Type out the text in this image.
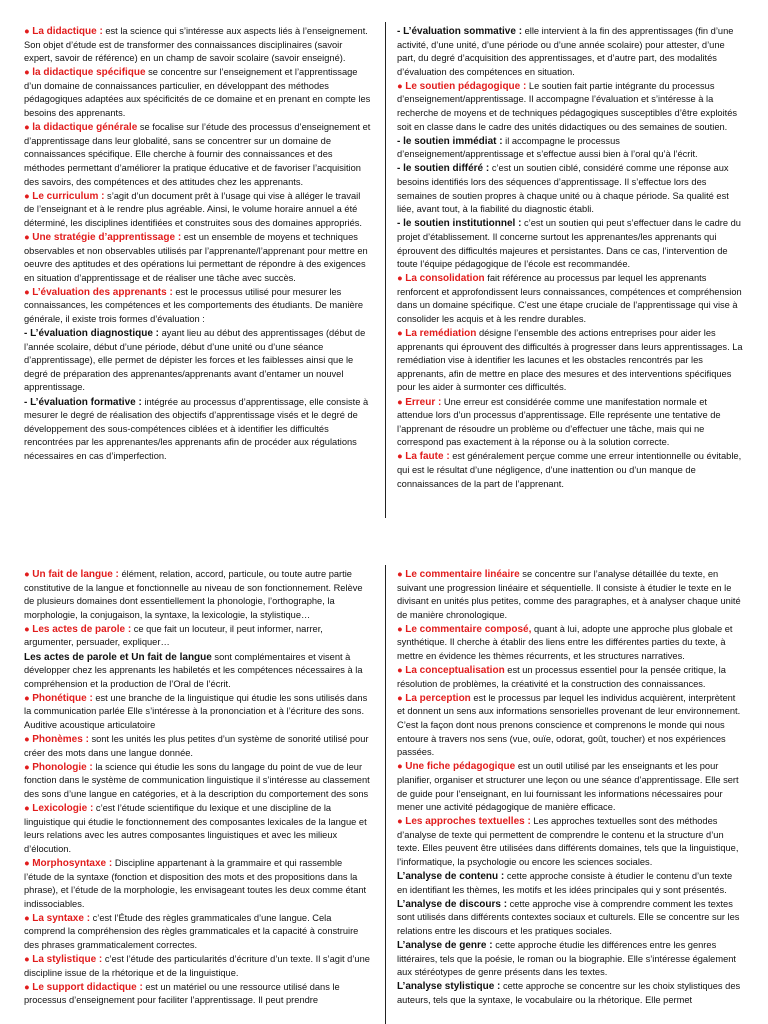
● La didactique : est la science qui s’intéresse aux aspects liés à l’enseignement. Son objet d’étude est de transformer des connaissances disciplinaires (savoir expert, savoir de référence) en un champ de savoir scolaire (savoir enseigné).

● la didactique spécifique se concentre sur l’enseignement et l’apprentissage d’un domaine de connaissances particulier, en développant des méthodes pédagogiques adaptées aux spécificités de ce domaine et en prenant en compte les besoins des apprenants.

● la didactique générale se focalise sur l’étude des processus d’enseignement et d’apprentissage dans leur globalité, sans se concentrer sur un domaine de connaissances spécifique. Elle cherche à fournir des connaissances et des méthodes permettant d’améliorer la pratique éducative et de favoriser l’acquisition des savoirs, des compétences et des attitudes chez les apprenants.

● Le curriculum : s’agit d’un document prêt à l’usage qui vise à alléger le travail de l’enseignant et à le rendre plus agréable. Ainsi, le volume horaire annuel a été déterminé, les disciplines identifiées et construites sous des domaines appropriés.

● Une stratégie d’apprentissage : est un ensemble de moyens et techniques observables et non observables utilisés par l’apprenante/l’apprenant pour mettre en oeuvre des aptitudes et des opérations lui permettant de répondre à des exigences en situation d’apprentissage et de réaliser une tâche avec succès.

● L’évaluation des apprenants : est le processus utilisé pour mesurer les connaissances, les compétences et les comportements des étudiants. De manière générale, il existe trois formes d’évaluation :

- L’évaluation diagnostique : ayant lieu au début des apprentissages (début de l’année scolaire, début d’une période, début d’une unité ou d’une séance d’apprentissage), elle permet de dépister les forces et les faiblesses ainsi que le degré de préparation des apprenantes/apprenants avant d’entamer un nouvel apprentissage.

- L’évaluation formative : intégrée au processus d’apprentissage, elle consiste à mesurer le degré de réalisation des objectifs d’apprentissage visés et le degré de développement des sous-compétences ciblées et à identifier les difficultés rencontrées par les apprenantes/les apprenants afin de procéder aux régulations nécessaires en cas d’imperfection.

- L’évaluation sommative : elle intervient à la fin des apprentissages (fin d’une activité, d’une unité, d’une période ou d’une année scolaire) pour attester, d’une part, du degré d’acquisition des apprentissages, et d’autre part, des modalités d’évaluation des compétences en situation.

● Le soutien pédagogique : Le soutien fait partie intégrante du processus d’enseignement/apprentissage. Il accompagne l’évaluation et s’intéresse à la recherche de moyens et de techniques pédagogiques susceptibles d’être exploités soit en classe dans le cadre des unités didactiques ou des semaines de soutien.

- le soutien immédiat : il accompagne le processus d’enseignement/apprentissage et s’effectue aussi bien à l’oral qu’à l’écrit.

- le soutien différé : c’est un soutien ciblé, considéré comme une réponse aux besoins identifiés lors des séquences d’apprentissage. Il s’effectue lors des semaines de soutien propres à chaque unité ou à chaque période. Sa qualité est liée, avant tout, à la fiabilité du diagnostic établi.

- le soutien institutionnel : c’est un soutien qui peut s’effectuer dans le cadre du projet d’établissement. Il concerne surtout les apprenantes/les apprenants qui éprouvent des difficultés majeures et persistantes. Dans ce cas, l’intervention de toute l’équipe pédagogique de l’école est recommandée.

● La consolidation fait référence au processus par lequel les apprenants renforcent et approfondissent leurs connaissances, compétences et compréhension dans un domaine spécifique. C’est une étape cruciale de l’apprentissage qui vise à consolider les acquis et à les rendre durables.

● La remédiation désigne l’ensemble des actions entreprises pour aider les apprenants qui éprouvent des difficultés à progresser dans leurs apprentissages. La remédiation vise à identifier les lacunes et les obstacles rencontrés par les apprenants, afin de mettre en place des mesures et des interventions spécifiques pour les aider à surmonter ces difficultés.

● Erreur : Une erreur est considérée comme une manifestation normale et attendue lors d’un processus d’apprentissage. Elle représente une tentative de l’apprenant de résoudre un problème ou d’effectuer une tâche, mais qui ne correspond pas exactement à la réponse ou à la solution correcte.

● La faute : est généralement perçue comme une erreur intentionnelle ou évitable, qui est le résultat d’une négligence, d’une inattention ou d’un manque de connaissances de la part de l’apprenant.

● Un fait de langue : élément, relation, accord, particule, ou toute autre partie constitutive de la langue et fonctionnelle au niveau de son fonctionnement. Relève de plusieurs domaines dont essentiellement la phonologie, l’orthographe, la morphologie, la conjugaison, la syntaxe, la lexicologie, la stylistique…

● Les actes de parole : ce que fait un locuteur, il peut informer, narrer, argumenter, persuader, expliquer…

Les actes de parole et Un fait de langue sont complémentaires et visent à développer chez les apprenants les habiletés et les compétences nécessaires à la compréhension et la production de l’Oral de l’écrit.

● Phonétique : est une branche de la linguistique qui étudie les sons utilisés dans la communication parlée Elle s’intéresse à la prononciation et à l’écriture des sons. Auditive acoustique articulatoire

● Phonèmes : sont les unités les plus petites d’un système de sonorité utilisé pour créer des mots dans une langue donnée.

● Phonologie : la science qui étudie les sons du langage du point de vue de leur fonction dans le système de communication linguistique il s’intéresse au classement des sons d’une langue en catégories, et à la description du comportement des sons

● Lexicologie : c’est l’étude scientifique du lexique et une discipline de la linguistique qui étudie le fonctionnement des composantes lexicales de la langue et leurs relations avec les autres composantes linguistiques et avec les milieux d’élocution.

● Morphosyntaxe : Discipline appartenant à la grammaire et qui rassemble l’étude de la syntaxe (fonction et disposition des mots et des propositions dans la phrase), et l’étude de la morphologie, les envisageant toutes les deux comme étant indissociables.

● La syntaxe : c’est l’Étude des règles grammaticales d’une langue. Cela comprend la compréhension des règles grammaticales et la capacité à construire des phrases grammaticalement correctes.

● La stylistique : c’est l’étude des particularités d’écriture d’un texte. Il s’agit d’une discipline issue de la rhétorique et de la linguistique.

● Le support didactique : est un matériel ou une ressource utilisé dans le processus d’enseignement pour faciliter l’apprentissage. Il peut prendre

● Le commentaire linéaire se concentre sur l’analyse détaillée du texte, en suivant une progression linéaire et séquentielle. Il consiste à étudier le texte en le divisant en unités plus petites, comme des paragraphes, et à analyser chaque unité de manière chronologique.

● Le commentaire composé, quant à lui, adopte une approche plus globale et synthétique. Il cherche à établir des liens entre les différentes parties du texte, à mettre en évidence les thèmes récurrents, et les structures narratives.

● La conceptualisation est un processus essentiel pour la pensée critique, la résolution de problèmes, la créativité et la construction des connaissances.

● La perception est le processus par lequel les individus acquièrent, interprètent et donnent un sens aux informations sensorielles provenant de leur environnement. C’est la façon dont nous prenons conscience et comprenons le monde qui nous entoure à travers nos sens (vue, ouïe, odorat, goût, toucher) et nos expériences passées.

● Une fiche pédagogique est un outil utilisé par les enseignants et les pour planifier, organiser et structurer une leçon ou une séance d’apprentissage. Elle sert de guide pour l’enseignant, en lui fournissant les informations nécessaires pour mener une activité pédagogique de manière efficace.

● Les approches textuelles : Les approches textuelles sont des méthodes d’analyse de texte qui permettent de comprendre le contenu et la structure d’un texte. Elles peuvent être utilisées dans différents domaines, tels que la linguistique, l’informatique, la psychologie ou encore les sciences sociales.

L’analyse de contenu : cette approche consiste à étudier le contenu d’un texte en identifiant les thèmes, les motifs et les idées principales qui y sont présentés.

L’analyse de discours : cette approche vise à comprendre comment les textes sont utilisés dans différents contextes sociaux et culturels. Elle se concentre sur les relations entre les discours et les pratiques sociales.

L’analyse de genre : cette approche étudie les différences entre les genres littéraires, tels que la poésie, le roman ou la biographie. Elle s’intéresse également aux stéréotypes de genre présents dans les textes.

L’analyse stylistique : cette approche se concentre sur les choix stylistiques des auteurs, tels que la syntaxe, le vocabulaire ou la rhétorique. Elle permet
